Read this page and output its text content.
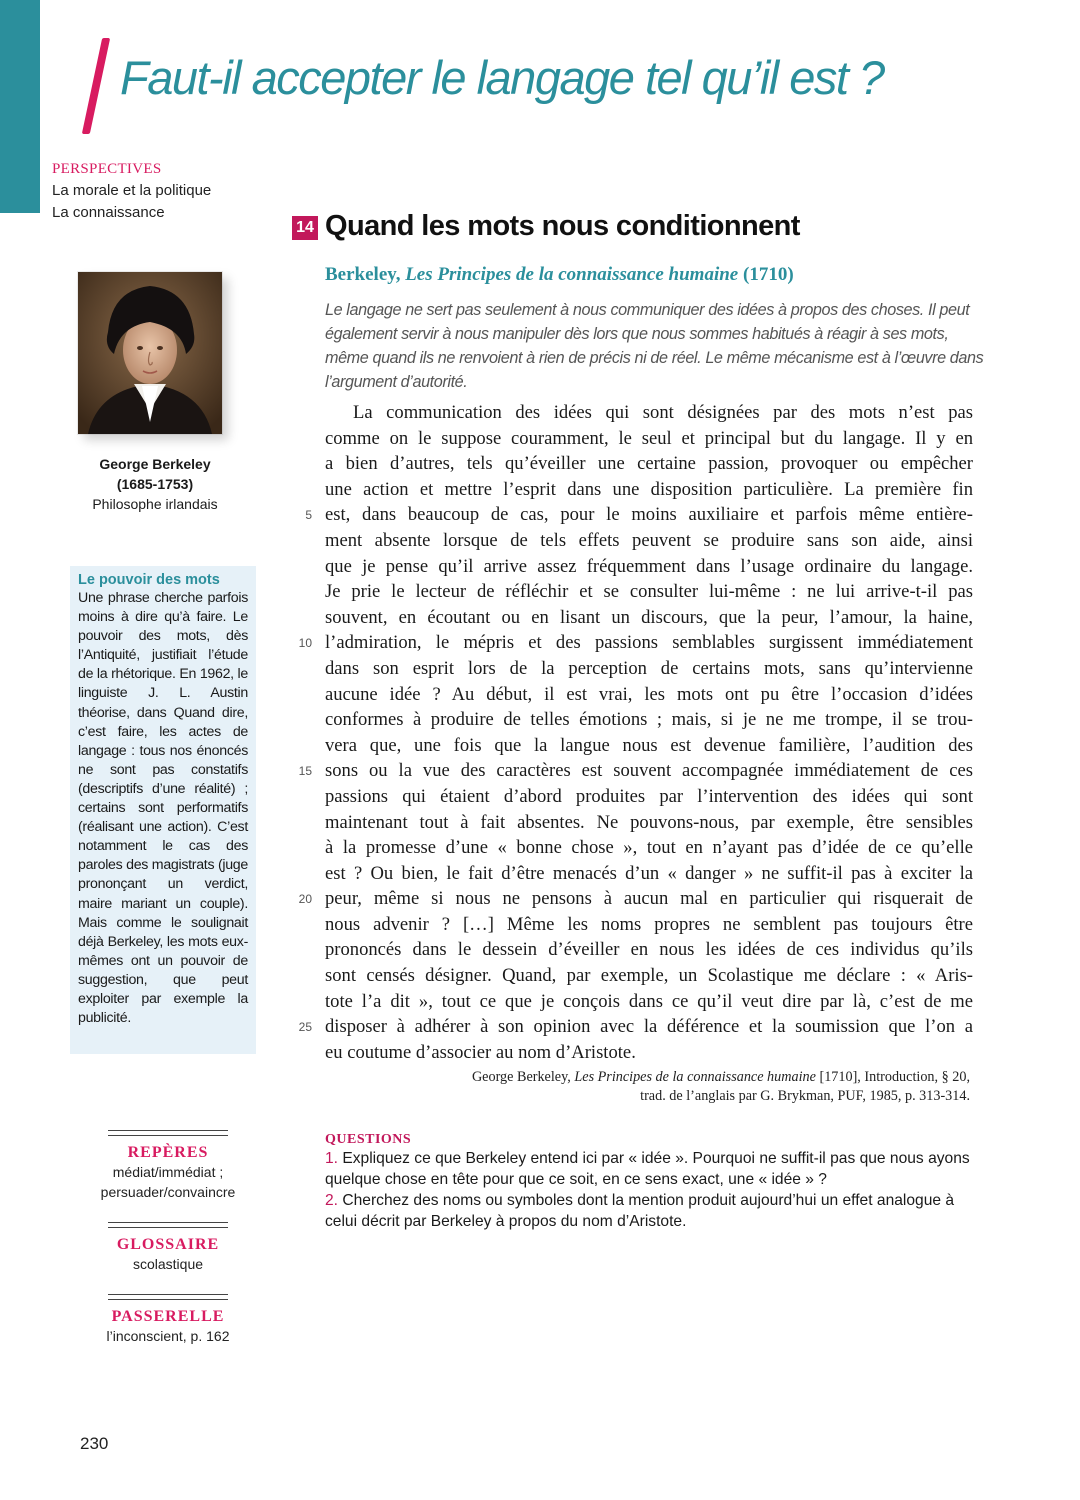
Faut-il accepter le langage tel qu’il est ?
PERSPECTIVES
La morale et la politique
La connaissance
George Berkeley
(1685-1753)
Philosophe irlandais
Le pouvoir des mots

Une phrase cherche parfois moins à dire qu’à faire. Le pouvoir des mots, dès l’Antiquité, justifiait l’étude de la rhétorique. En 1962, le linguiste J. L. Austin théorise, dans Quand dire, c’est faire, les actes de langage : tous nos énoncés ne sont pas constatifs (descriptifs d’une réalité) ; certains sont performatifs (réalisant une action). C’est notamment le cas des paroles des magistrats (juge prononçant un verdict, maire mariant un couple). Mais comme le soulignait déjà Berkeley, les mots eux-mêmes ont un pouvoir de suggestion, que peut exploiter par exemple la publicité.

REPÈRES
médiat/immédiat ;
persuader/convaincre
GLOSSAIRE
scolastique
PASSERELLE
l’inconscient, p. 162
14 Quand les mots nous conditionnent
Berkeley, Les Principes de la connaissance humaine (1710)
Le langage ne sert pas seulement à nous communiquer des idées à propos des choses. Il peut également servir à nous manipuler dès lors que nous sommes habitués à réagir à ses mots, même quand ils ne renvoient à rien de précis ni de réel. Le même mécanisme est à l’œuvre dans l’argument d’autorité.
5
10
15
20
25
La communication des idées qui sont désignées par des mots n’est pas
comme on le suppose couramment, le seul et principal but du langage. Il y en
a bien d’autres, tels qu’éveiller une certaine passion, provoquer ou empêcher
une action et mettre l’esprit dans une disposition particulière. La première fin
est, dans beaucoup de cas, pour le moins auxiliaire et parfois même entière-
ment absente lorsque de tels effets peuvent se produire sans son aide, ainsi
que je pense qu’il arrive assez fréquemment dans l’usage ordinaire du langage.
Je prie le lecteur de réfléchir et se consulter lui-même : ne lui arrive-t-il pas
souvent, en écoutant ou en lisant un discours, que la peur, l’amour, la haine,
l’admiration, le mépris et des passions semblables surgissent immédiatement
dans son esprit lors de la perception de certains mots, sans qu’intervienne
aucune idée ? Au début, il est vrai, les mots ont pu être l’occasion d’idées
conformes à produire de telles émotions ; mais, si je ne me trompe, il se trou-
vera que, une fois que la langue nous est devenue familière, l’audition des
sons ou la vue des caractères est souvent accompagnée immédiatement de ces
passions qui étaient d’abord produites par l’intervention des idées qui sont
maintenant tout à fait absentes. Ne pouvons-nous, par exemple, être sensibles
à la promesse d’une « bonne chose », tout en n’ayant pas d’idée de ce qu’elle
est ? Ou bien, le fait d’être menacés d’un « danger » ne suffit-il pas à exciter la
peur, même si nous ne pensons à aucun mal en particulier qui risquerait de
nous advenir ? […] Même les noms propres ne semblent pas toujours être
prononcés dans le dessein d’éveiller en nous les idées de ces individus qu’ils
sont censés désigner. Quand, par exemple, un Scolastique me déclare : « Aris-
tote l’a dit », tout ce que je conçois dans ce qu’il veut dire par là, c’est de me
disposer à adhérer à son opinion avec la déférence et la soumission que l’on a
eu coutume d’associer au nom d’Aristote.
George Berkeley, Les Principes de la connaissance humaine [1710], Introduction, § 20,
trad. de l’anglais par G. Brykman, PUF, 1985, p. 313-314.
QUESTIONS

1. Expliquez ce que Berkeley entend ici par « idée ». Pourquoi ne suffit-il pas que nous ayons quelque chose en tête pour que ce soit, en ce sens exact, une « idée » ?

2. Cherchez des noms ou symboles dont la mention produit aujourd’hui un effet analogue à celui décrit par Berkeley à propos du nom d’Aristote.

230
